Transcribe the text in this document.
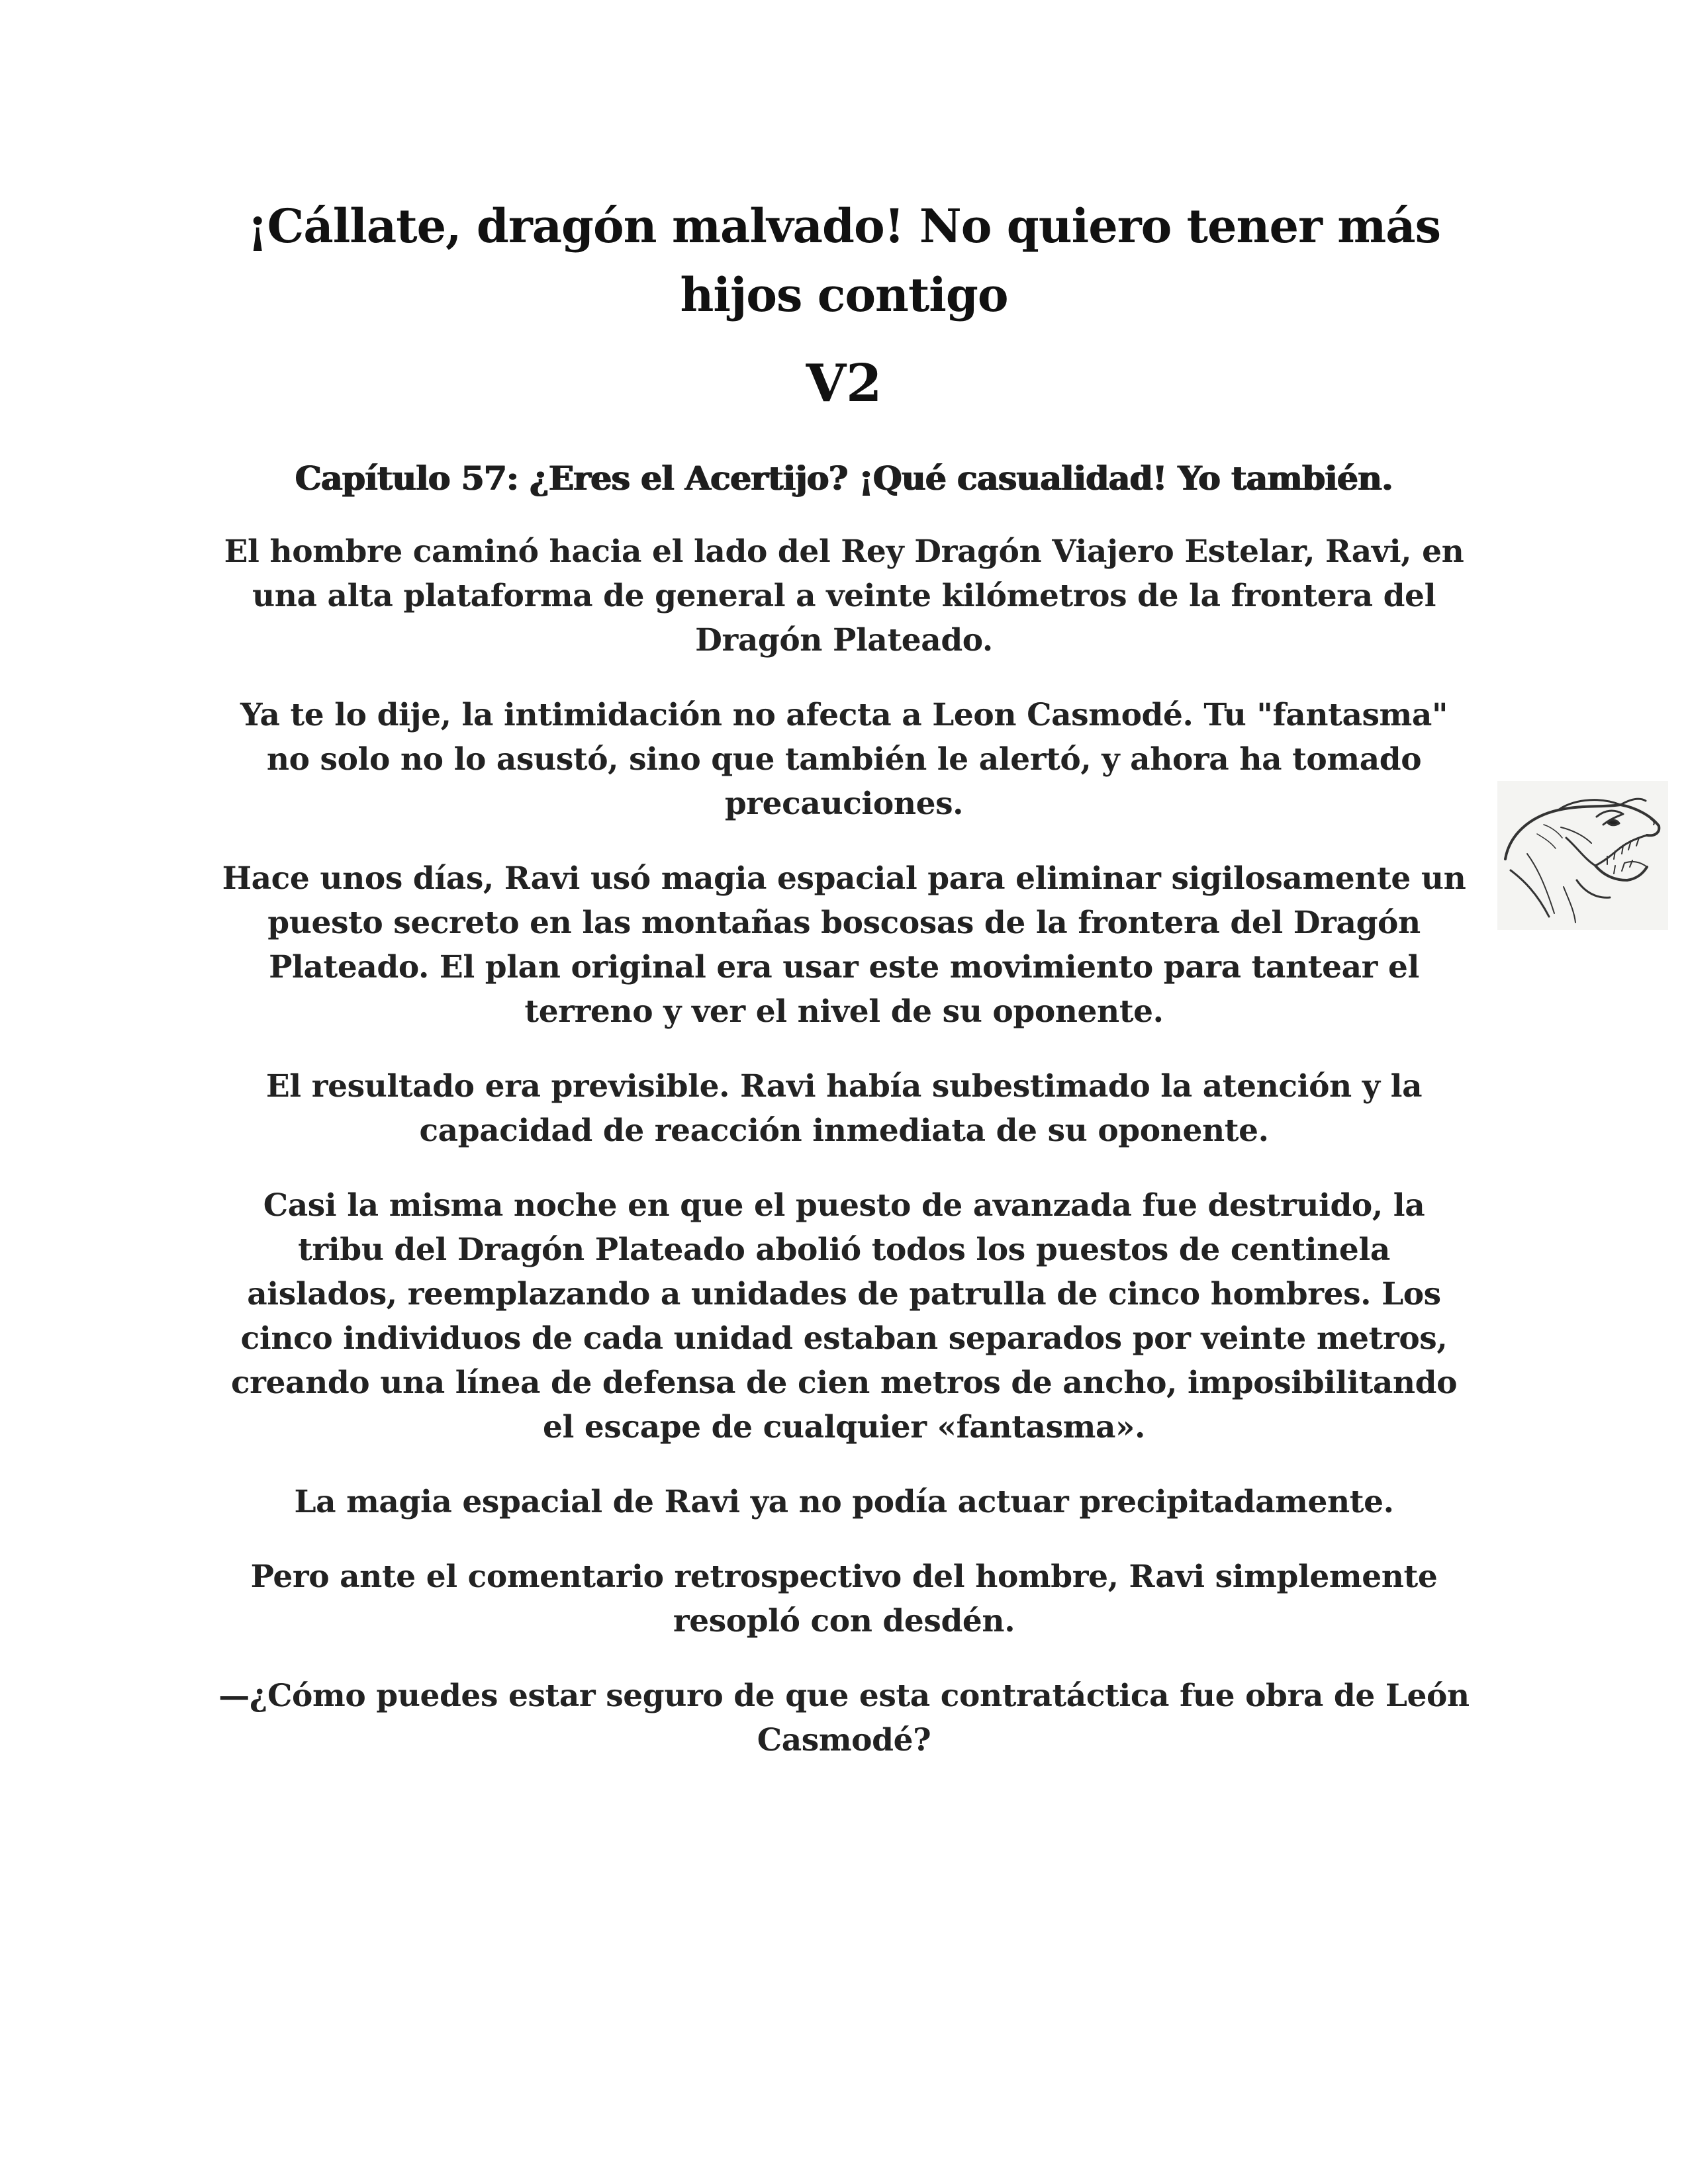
¡Cállate, dragón malvado! No quiero tener más hijos contigo
V2
Capítulo 57: ¿Eres el Acertijo? ¡Qué casualidad! Yo también.

El hombre caminó hacia el lado del Rey Dragón Viajero Estelar, Ravi, en una alta plataforma de general a veinte kilómetros de la frontera del Dragón Plateado.

Ya te lo dije, la intimidación no afecta a Leon Casmodé. Tu "fantasma" no solo no lo asustó, sino que también le alertó, y ahora ha tomado precauciones.

Hace unos días, Ravi usó magia espacial para eliminar sigilosamente un puesto secreto en las montañas boscosas de la frontera del Dragón Plateado. El plan original era usar este movimiento para tantear el terreno y ver el nivel de su oponente.

El resultado era previsible. Ravi había subestimado la atención y la capacidad de reacción inmediata de su oponente.

Casi la misma noche en que el puesto de avanzada fue destruido, la tribu del Dragón Plateado abolió todos los puestos de centinela aislados, reemplazando a unidades de patrulla de cinco hombres. Los cinco individuos de cada unidad estaban separados por veinte metros, creando una línea de defensa de cien metros de ancho, imposibilitando el escape de cualquier «fantasma».

La magia espacial de Ravi ya no podía actuar precipitadamente.

Pero ante el comentario retrospectivo del hombre, Ravi simplemente resopló con desdén.

—¿Cómo puedes estar seguro de que esta contratáctica fue obra de León Casmodé?
